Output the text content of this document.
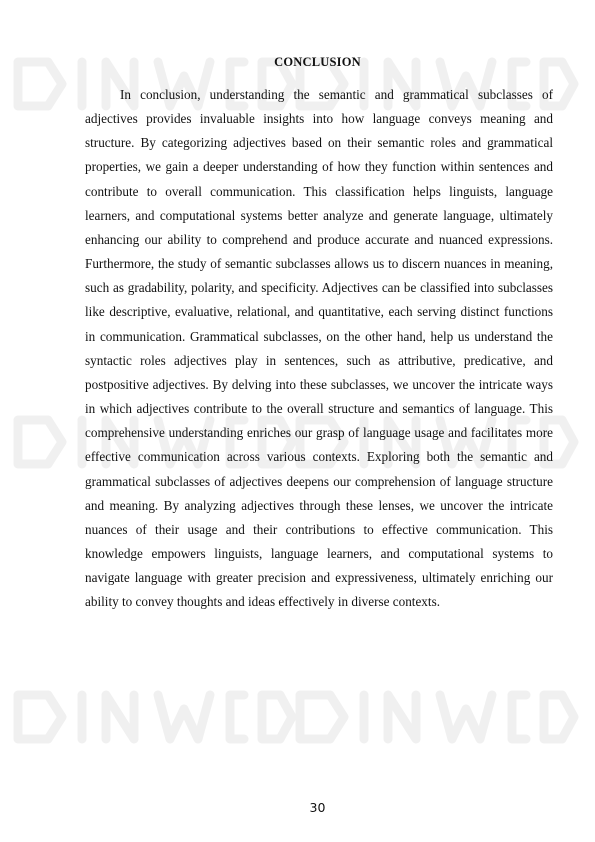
CONCLUSION

In conclusion, understanding the semantic and grammatical subclasses of adjectives provides invaluable insights into how language conveys meaning and structure. By categorizing adjectives based on their semantic roles and grammatical properties, we gain a deeper understanding of how they function within sentences and contribute to overall communication. This classification helps linguists, language learners, and computational systems better analyze and generate language, ultimately enhancing our ability to comprehend and produce accurate and nuanced expressions. Furthermore, the study of semantic subclasses allows us to discern nuances in meaning, such as gradability, polarity, and specificity. Adjectives can be classified into subclasses like descriptive, evaluative, relational, and quantitative, each serving distinct functions in communication. Grammatical subclasses, on the other hand, help us understand the syntactic roles adjectives play in sentences, such as attributive, predicative, and postpositive adjectives. By delving into these subclasses, we uncover the intricate ways in which adjectives contribute to the overall structure and semantics of language. This comprehensive understanding enriches our grasp of language usage and facilitates more effective communication across various contexts. Exploring both the semantic and grammatical subclasses of adjectives deepens our comprehension of language structure and meaning. By analyzing adjectives through these lenses, we uncover the intricate nuances of their usage and their contributions to effective communication. This knowledge empowers linguists, language learners, and computational systems to navigate language with greater precision and expressiveness, ultimately enriching our ability to convey thoughts and ideas effectively in diverse contexts.

30
